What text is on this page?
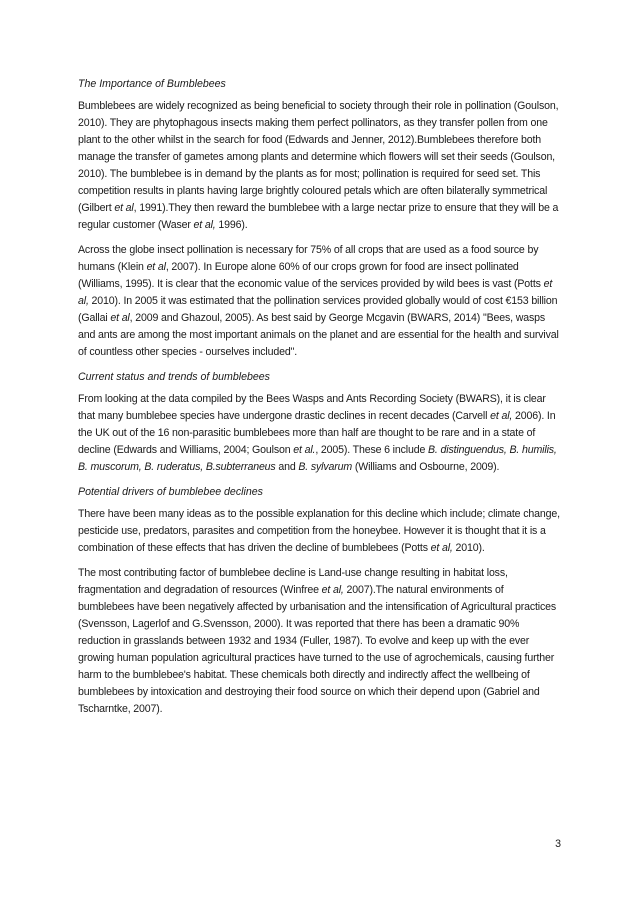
The Importance of Bumblebees

Bumblebees are widely recognized as being beneficial to society through their role in pollination (Goulson, 2010). They are phytophagous insects making them perfect pollinators, as they transfer pollen from one plant to the other whilst in the search for food (Edwards and Jenner, 2012).Bumblebees therefore both manage the transfer of gametes among plants and determine which flowers will set their seeds (Goulson, 2010). The bumblebee is in demand by the plants as for most; pollination is required for seed set. This competition results in plants having large brightly coloured petals which are often bilaterally symmetrical (Gilbert et al, 1991).They then reward the bumblebee with a large nectar prize to ensure that they will be a regular customer (Waser et al, 1996).

Across the globe insect pollination is necessary for 75% of all crops that are used as a food source by humans (Klein et al, 2007). In Europe alone 60% of our crops grown for food are insect pollinated (Williams, 1995). It is clear that the economic value of the services provided by wild bees is vast (Potts et al, 2010). In 2005 it was estimated that the pollination services provided globally would of cost €153 billion (Gallai et al, 2009 and Ghazoul, 2005). As best said by George Mcgavin (BWARS, 2014) "Bees, wasps and ants are among the most important animals on the planet and are essential for the health and survival of countless other species - ourselves included".

Current status and trends of bumblebees

From looking at the data compiled by the Bees Wasps and Ants Recording Society (BWARS), it is clear that many bumblebee species have undergone drastic declines in recent decades (Carvell et al, 2006). In the UK out of the 16 non-parasitic bumblebees more than half are thought to be rare and in a state of decline (Edwards and Williams, 2004; Goulson et al., 2005). These 6 include B. distinguendus, B. humilis, B. muscorum, B. ruderatus, B.subterraneus and B. sylvarum (Williams and Osbourne, 2009).

Potential drivers of bumblebee declines

There have been many ideas as to the possible explanation for this decline which include; climate change, pesticide use, predators, parasites and competition from the honeybee. However it is thought that it is a combination of these effects that has driven the decline of bumblebees (Potts et al, 2010).

The most contributing factor of bumblebee decline is Land-use change resulting in habitat loss, fragmentation and degradation of resources (Winfree et al, 2007).The natural environments of bumblebees have been negatively affected by urbanisation and the intensification of Agricultural practices (Svensson, Lagerlof and G.Svensson, 2000). It was reported that there has been a dramatic 90% reduction in grasslands between 1932 and 1934 (Fuller, 1987). To evolve and keep up with the ever growing human population agricultural practices have turned to the use of agrochemicals, causing further harm to the bumblebee's habitat. These chemicals both directly and indirectly affect the wellbeing of bumblebees by intoxication and destroying their food source on which their depend upon (Gabriel and Tscharntke, 2007).

3
